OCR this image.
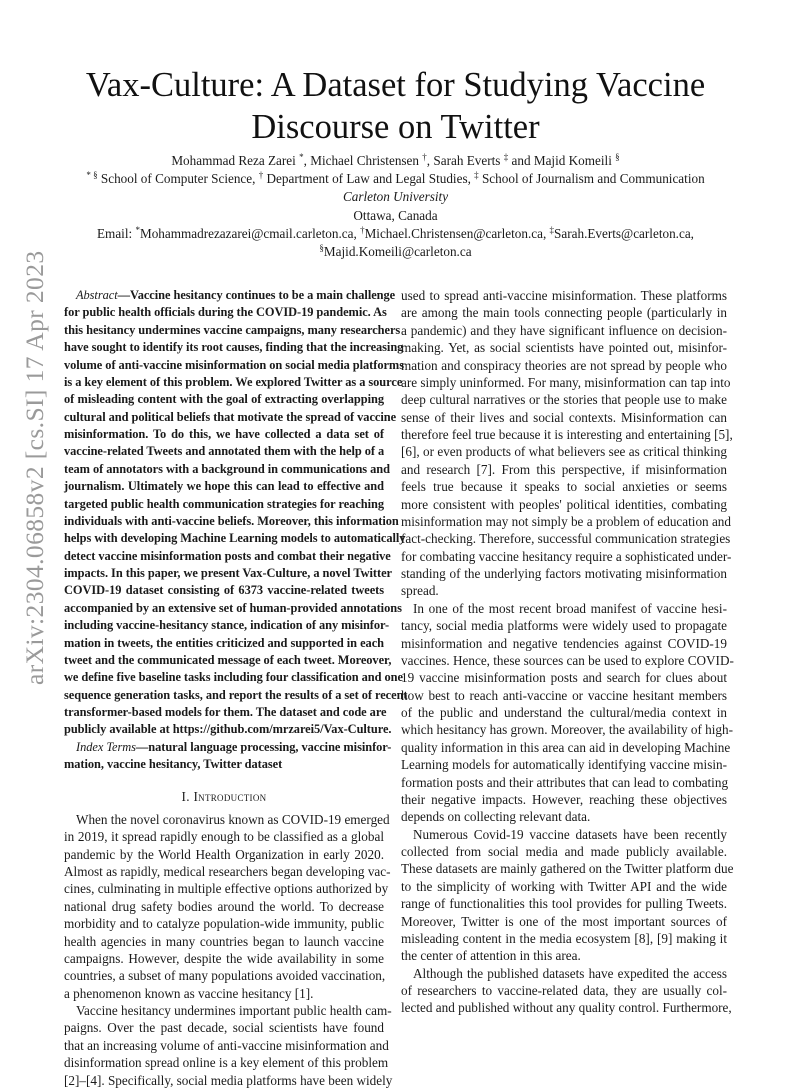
Vax-Culture: A Dataset for Studying Vaccine
Discourse on Twitter
Mohammad Reza Zarei *, Michael Christensen †, Sarah Everts ‡ and Majid Komeili §
* § School of Computer Science, † Department of Law and Legal Studies, ‡ School of Journalism and Communication
Carleton University
Ottawa, Canada
Email: *Mohammadrezazarei@cmail.carleton.ca, †Michael.Christensen@carleton.ca, ‡Sarah.Everts@carleton.ca,
§Majid.Komeili@carleton.ca
arXiv:2304.06858v2 [cs.SI] 17 Apr 2023	Abstract—Vaccine hesitancy continues to be a main challenge
for public health officials during the COVID-19 pandemic. As
this hesitancy undermines vaccine campaigns, many researchers
have sought to identify its root causes, finding that the increasing
volume of anti-vaccine misinformation on social media platforms
is a key element of this problem. We explored Twitter as a source
of misleading content with the goal of extracting overlapping
cultural and political beliefs that motivate the spread of vaccine
misinformation. To do this, we have collected a data set of
vaccine-related Tweets and annotated them with the help of a
team of annotators with a background in communications and
journalism. Ultimately we hope this can lead to effective and
targeted public health communication strategies for reaching
individuals with anti-vaccine beliefs. Moreover, this information
helps with developing Machine Learning models to automatically
detect vaccine misinformation posts and combat their negative
impacts. In this paper, we present Vax-Culture, a novel Twitter
COVID-19 dataset consisting of 6373 vaccine-related tweets
accompanied by an extensive set of human-provided annotations
including vaccine-hesitancy stance, indication of any misinfor-
mation in tweets, the entities criticized and supported in each
tweet and the communicated message of each tweet. Moreover,
we define five baseline tasks including four classification and one
sequence generation tasks, and report the results of a set of recent
transformer-based models for them. The dataset and code are
publicly available at https://github.com/mrzarei5/Vax-Culture.
Index Terms—natural language processing, vaccine misinfor-
mation, vaccine hesitancy, Twitter dataset
I. Introduction
When the novel coronavirus known as COVID-19 emerged
in 2019, it spread rapidly enough to be classified as a global
pandemic by the World Health Organization in early 2020.
Almost as rapidly, medical researchers began developing vac-
cines, culminating in multiple effective options authorized by
national drug safety bodies around the world. To decrease
morbidity and to catalyze population-wide immunity, public
health agencies in many countries began to launch vaccine
campaigns. However, despite the wide availability in some
countries, a subset of many populations avoided vaccination,
a phenomenon known as vaccine hesitancy [1].
Vaccine hesitancy undermines important public health cam-
paigns. Over the past decade, social scientists have found
that an increasing volume of anti-vaccine misinformation and
disinformation spread online is a key element of this problem
[2]–[4]. Specifically, social media platforms have been widely
used to spread anti-vaccine misinformation. These platforms
are among the main tools connecting people (particularly in
a pandemic) and they have significant influence on decision-
making. Yet, as social scientists have pointed out, misinfor-
mation and conspiracy theories are not spread by people who
are simply uninformed. For many, misinformation can tap into
deep cultural narratives or the stories that people use to make
sense of their lives and social contexts. Misinformation can
therefore feel true because it is interesting and entertaining [5],
[6], or even products of what believers see as critical thinking
and research [7]. From this perspective, if misinformation
feels true because it speaks to social anxieties or seems
more consistent with peoples' political identities, combating
misinformation may not simply be a problem of education and
fact-checking. Therefore, successful communication strategies
for combating vaccine hesitancy require a sophisticated under-
standing of the underlying factors motivating misinformation
spread.
In one of the most recent broad manifest of vaccine hesi-
tancy, social media platforms were widely used to propagate
misinformation and negative tendencies against COVID-19
vaccines. Hence, these sources can be used to explore COVID-
19 vaccine misinformation posts and search for clues about
how best to reach anti-vaccine or vaccine hesitant members
of the public and understand the cultural/media context in
which hesitancy has grown. Moreover, the availability of high-
quality information in this area can aid in developing Machine
Learning models for automatically identifying vaccine misin-
formation posts and their attributes that can lead to combating
their negative impacts. However, reaching these objectives
depends on collecting relevant data.
Numerous Covid-19 vaccine datasets have been recently
collected from social media and made publicly available.
These datasets are mainly gathered on the Twitter platform due
to the simplicity of working with Twitter API and the wide
range of functionalities this tool provides for pulling Tweets.
Moreover, Twitter is one of the most important sources of
misleading content in the media ecosystem [8], [9] making it
the center of attention in this area.
Although the published datasets have expedited the access
of researchers to vaccine-related data, they are usually col-
lected and published without any quality control. Furthermore,
